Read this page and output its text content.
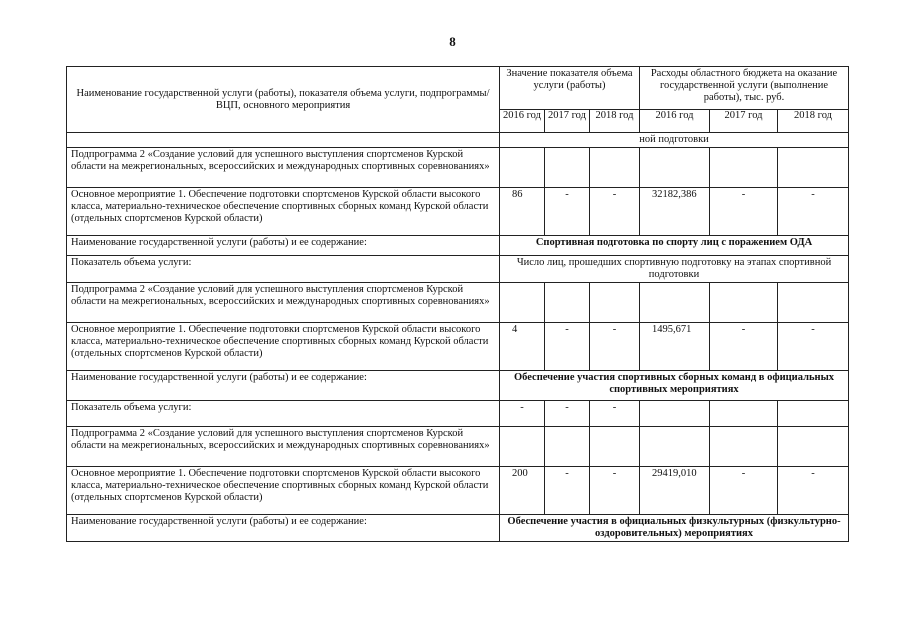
8
Наименование государственной услуги (работы), показателя объема услуги, подпрограммы/ВЦП, основного мероприятия	Значение показателя объема услуги (работы)			Расходы областного бюджета на оказание государственной услуги (выполнение работы), тыс. руб.		
	2016 год	2017 год	2018 год	2016 год	2017 год	2018 год
	ной подготовки					
Подпрограмма 2 «Создание условий для успешного выступления спортсменов Курской области на межрегиональных, всероссийских и международных спортивных соревнованиях»						
Основное мероприятие 1. Обеспечение подготовки спортсменов Курской области высокого класса, материально-техническое обеспечение спортивных сборных команд Курской области (отдельных спортсменов Курской области)	86	-	-	32182,386	-	-
Наименование государственной услуги (работы) и ее содержание:	Спортивная подготовка по спорту лиц с поражением ОДА					
Показатель объема услуги:	Число лиц, прошедших спортивную подготовку на этапах спортивной подготовки					
Подпрограмма 2 «Создание условий для успешного выступления спортсменов Курской области на межрегиональных, всероссийских и международных спортивных соревнованиях»						
Основное мероприятие 1. Обеспечение подготовки спортсменов Курской области высокого класса, материально-техническое обеспечение спортивных сборных команд Курской области (отдельных спортсменов Курской области)	4	-	-	1495,671	-	-
Наименование государственной услуги (работы) и ее содержание:	Обеспечение участия спортивных сборных команд в официальных спортивных мероприятиях					
Показатель объема услуги:	-	-	-			
Подпрограмма 2 «Создание условий для успешного выступления спортсменов Курской области на межрегиональных, всероссийских и международных спортивных соревнованиях»						
Основное мероприятие 1. Обеспечение подготовки спортсменов Курской области высокого класса, материально-техническое обеспечение спортивных сборных команд Курской области (отдельных спортсменов Курской области)	200	-	-	29419,010	-	-
Наименование государственной услуги (работы) и ее содержание:	Обеспечение участия в официальных физкультурных (физкультурно-оздоровительных) мероприятиях					
